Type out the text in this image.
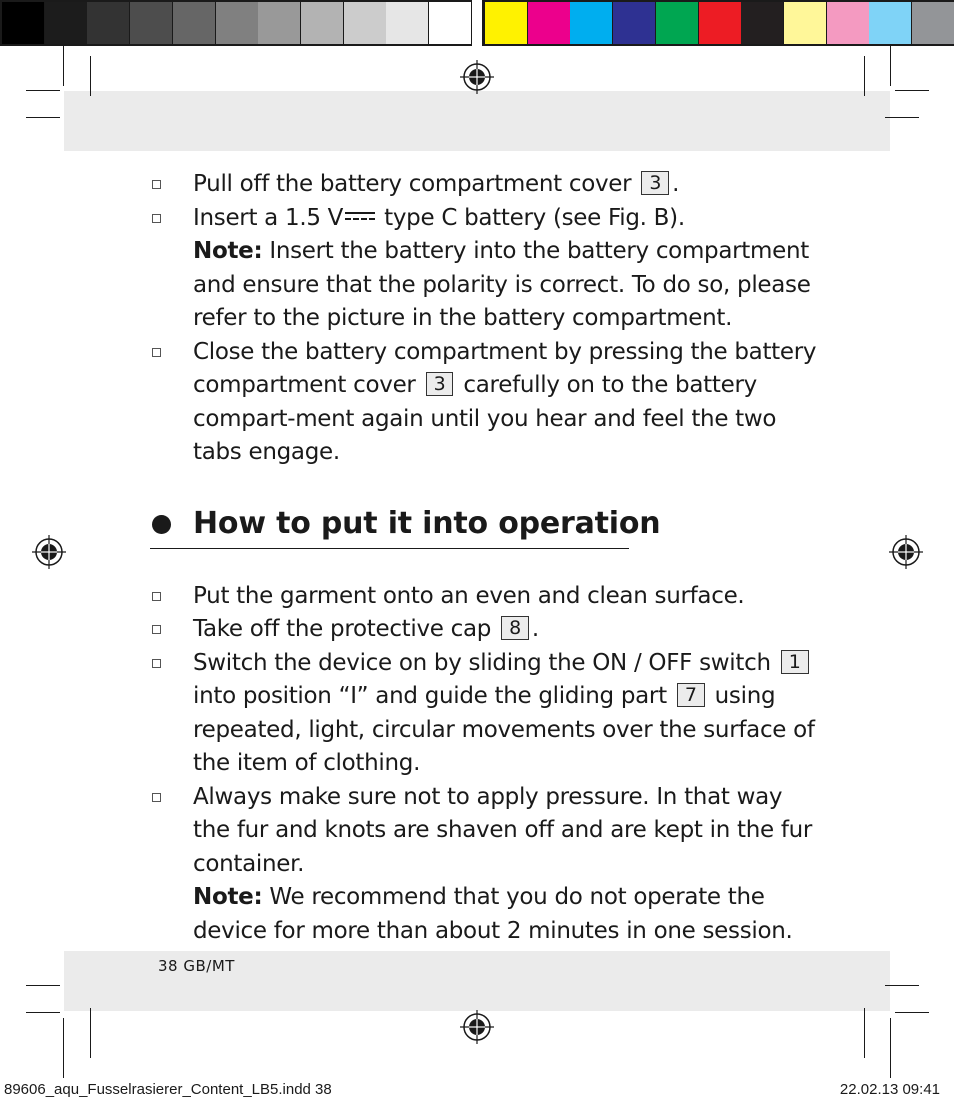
Pull off the battery compartment cover 3 .

Insert a 1.5 V type C battery (see Fig. B).

Note: Insert the battery into the battery compartment and ensure that the polarity is correct. To do so, please refer to the picture in the battery compartment.

Close the battery compartment by pressing the battery compartment cover 3 carefully on to the battery compart-ment again until you hear and feel the two tabs engage.

How to put it into operation

Put the garment onto an even and clean surface.

Take off the protective cap 8 .

Switch the device on by sliding the ON / OFF switch 1 into position “I” and guide the gliding part 7 using repeated, light, circular movements over the surface of the item of clothing.

Always make sure not to apply pressure. In that way the fur and knots are shaven off and are kept in the fur container.

Note: We recommend that you do not operate the device for more than about 2 minutes in one session.

38 GB/MT
89606_aqu_Fusselrasierer_Content_LB5.indd 38	22.02.13 09:41
